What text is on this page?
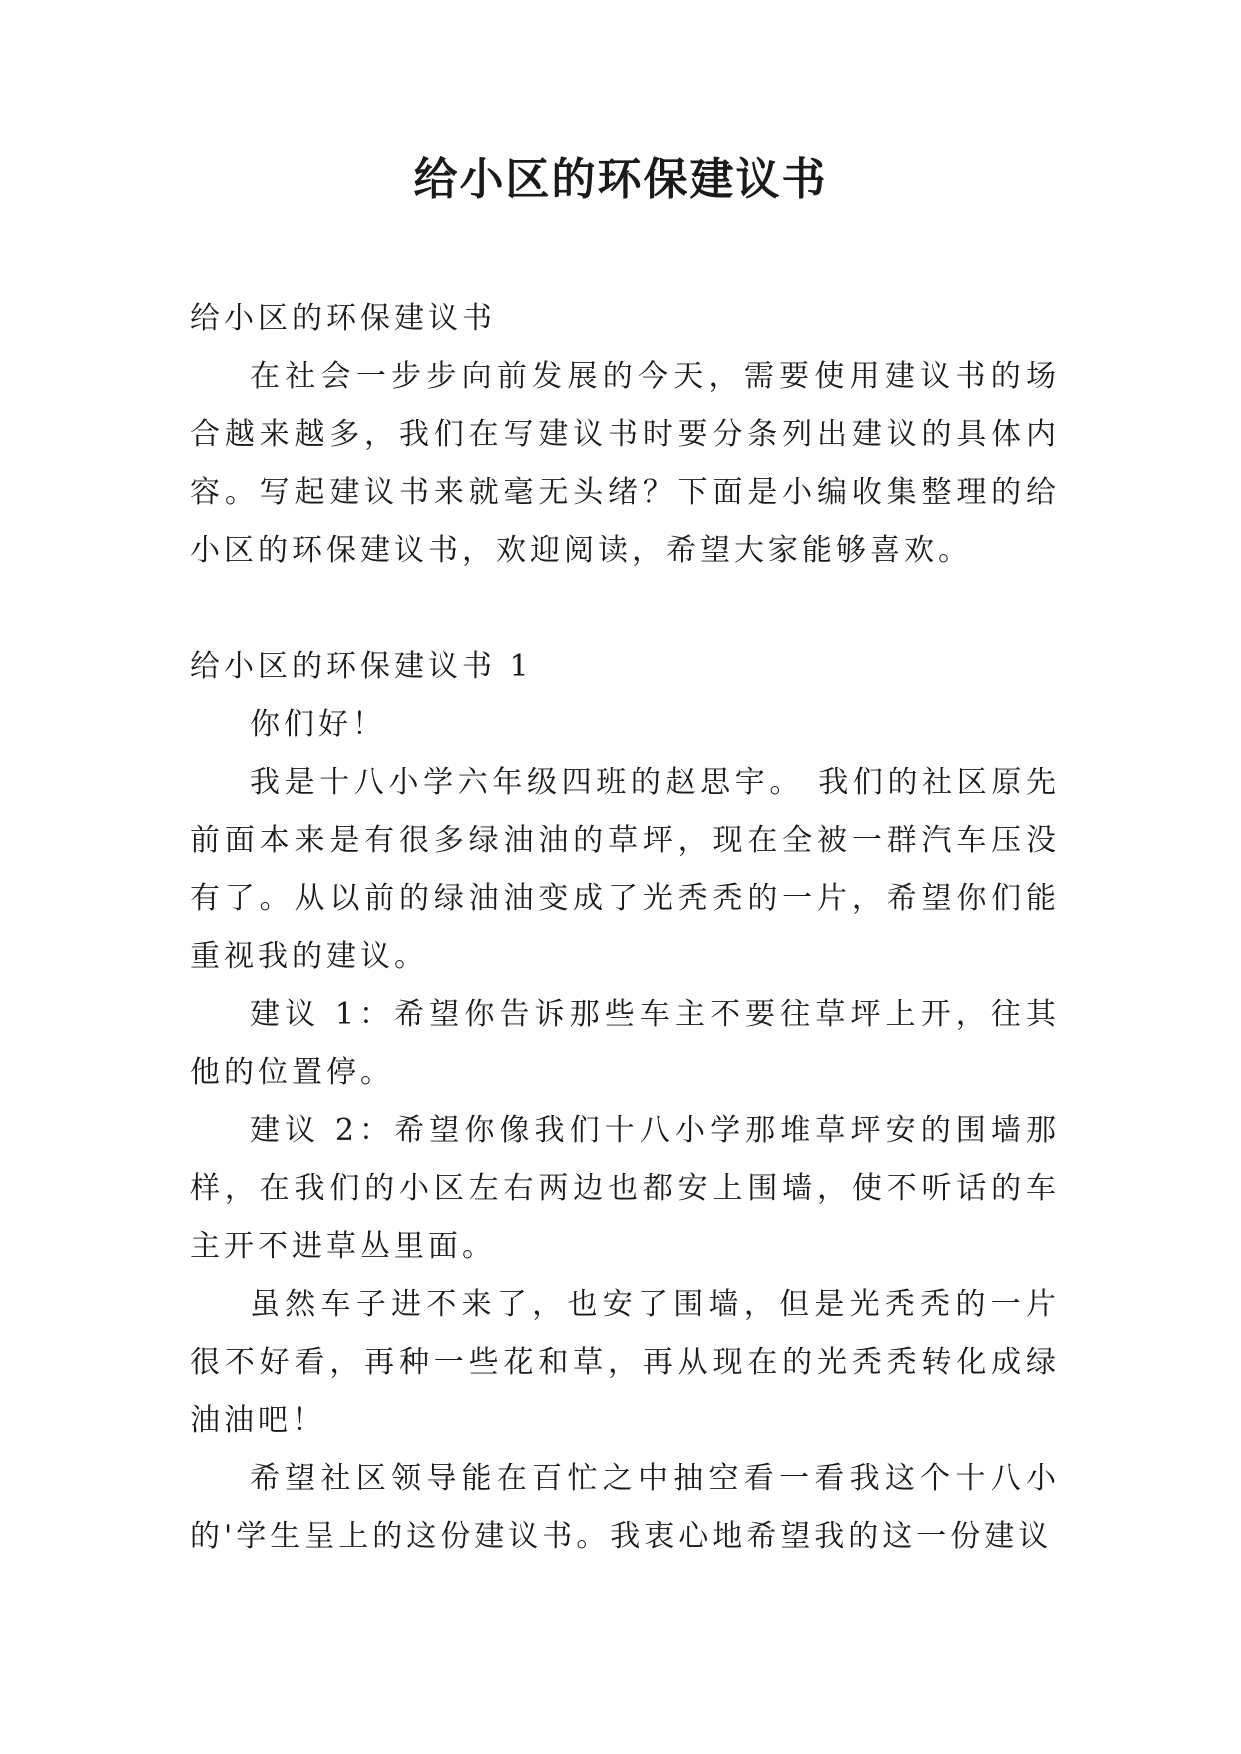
给小区的环保建议书

给小区的环保建议书

在社会一步步向前发展的今天，需要使用建议书的场合越来越多，我们在写建议书时要分条列出建议的具体内容。写起建议书来就毫无头绪？下面是小编收集整理的给小区的环保建议书，欢迎阅读，希望大家能够喜欢。

给小区的环保建议书 1

你们好！

我是十八小学六年级四班的赵思宇。 我们的社区原先前面本来是有很多绿油油的草坪，现在全被一群汽车压没有了。从以前的绿油油变成了光秃秃的一片，希望你们能重视我的建议。

建议 1：希望你告诉那些车主不要往草坪上开，往其他的位置停。

建议 2：希望你像我们十八小学那堆草坪安的围墙那样，在我们的小区左右两边也都安上围墙，使不听话的车主开不进草丛里面。

虽然车子进不来了，也安了围墙，但是光秃秃的一片很不好看，再种一些花和草，再从现在的光秃秃转化成绿油油吧！

希望社区领导能在百忙之中抽空看一看我这个十八小的'学生呈上的这份建议书。我衷心地希望我的这一份建议
